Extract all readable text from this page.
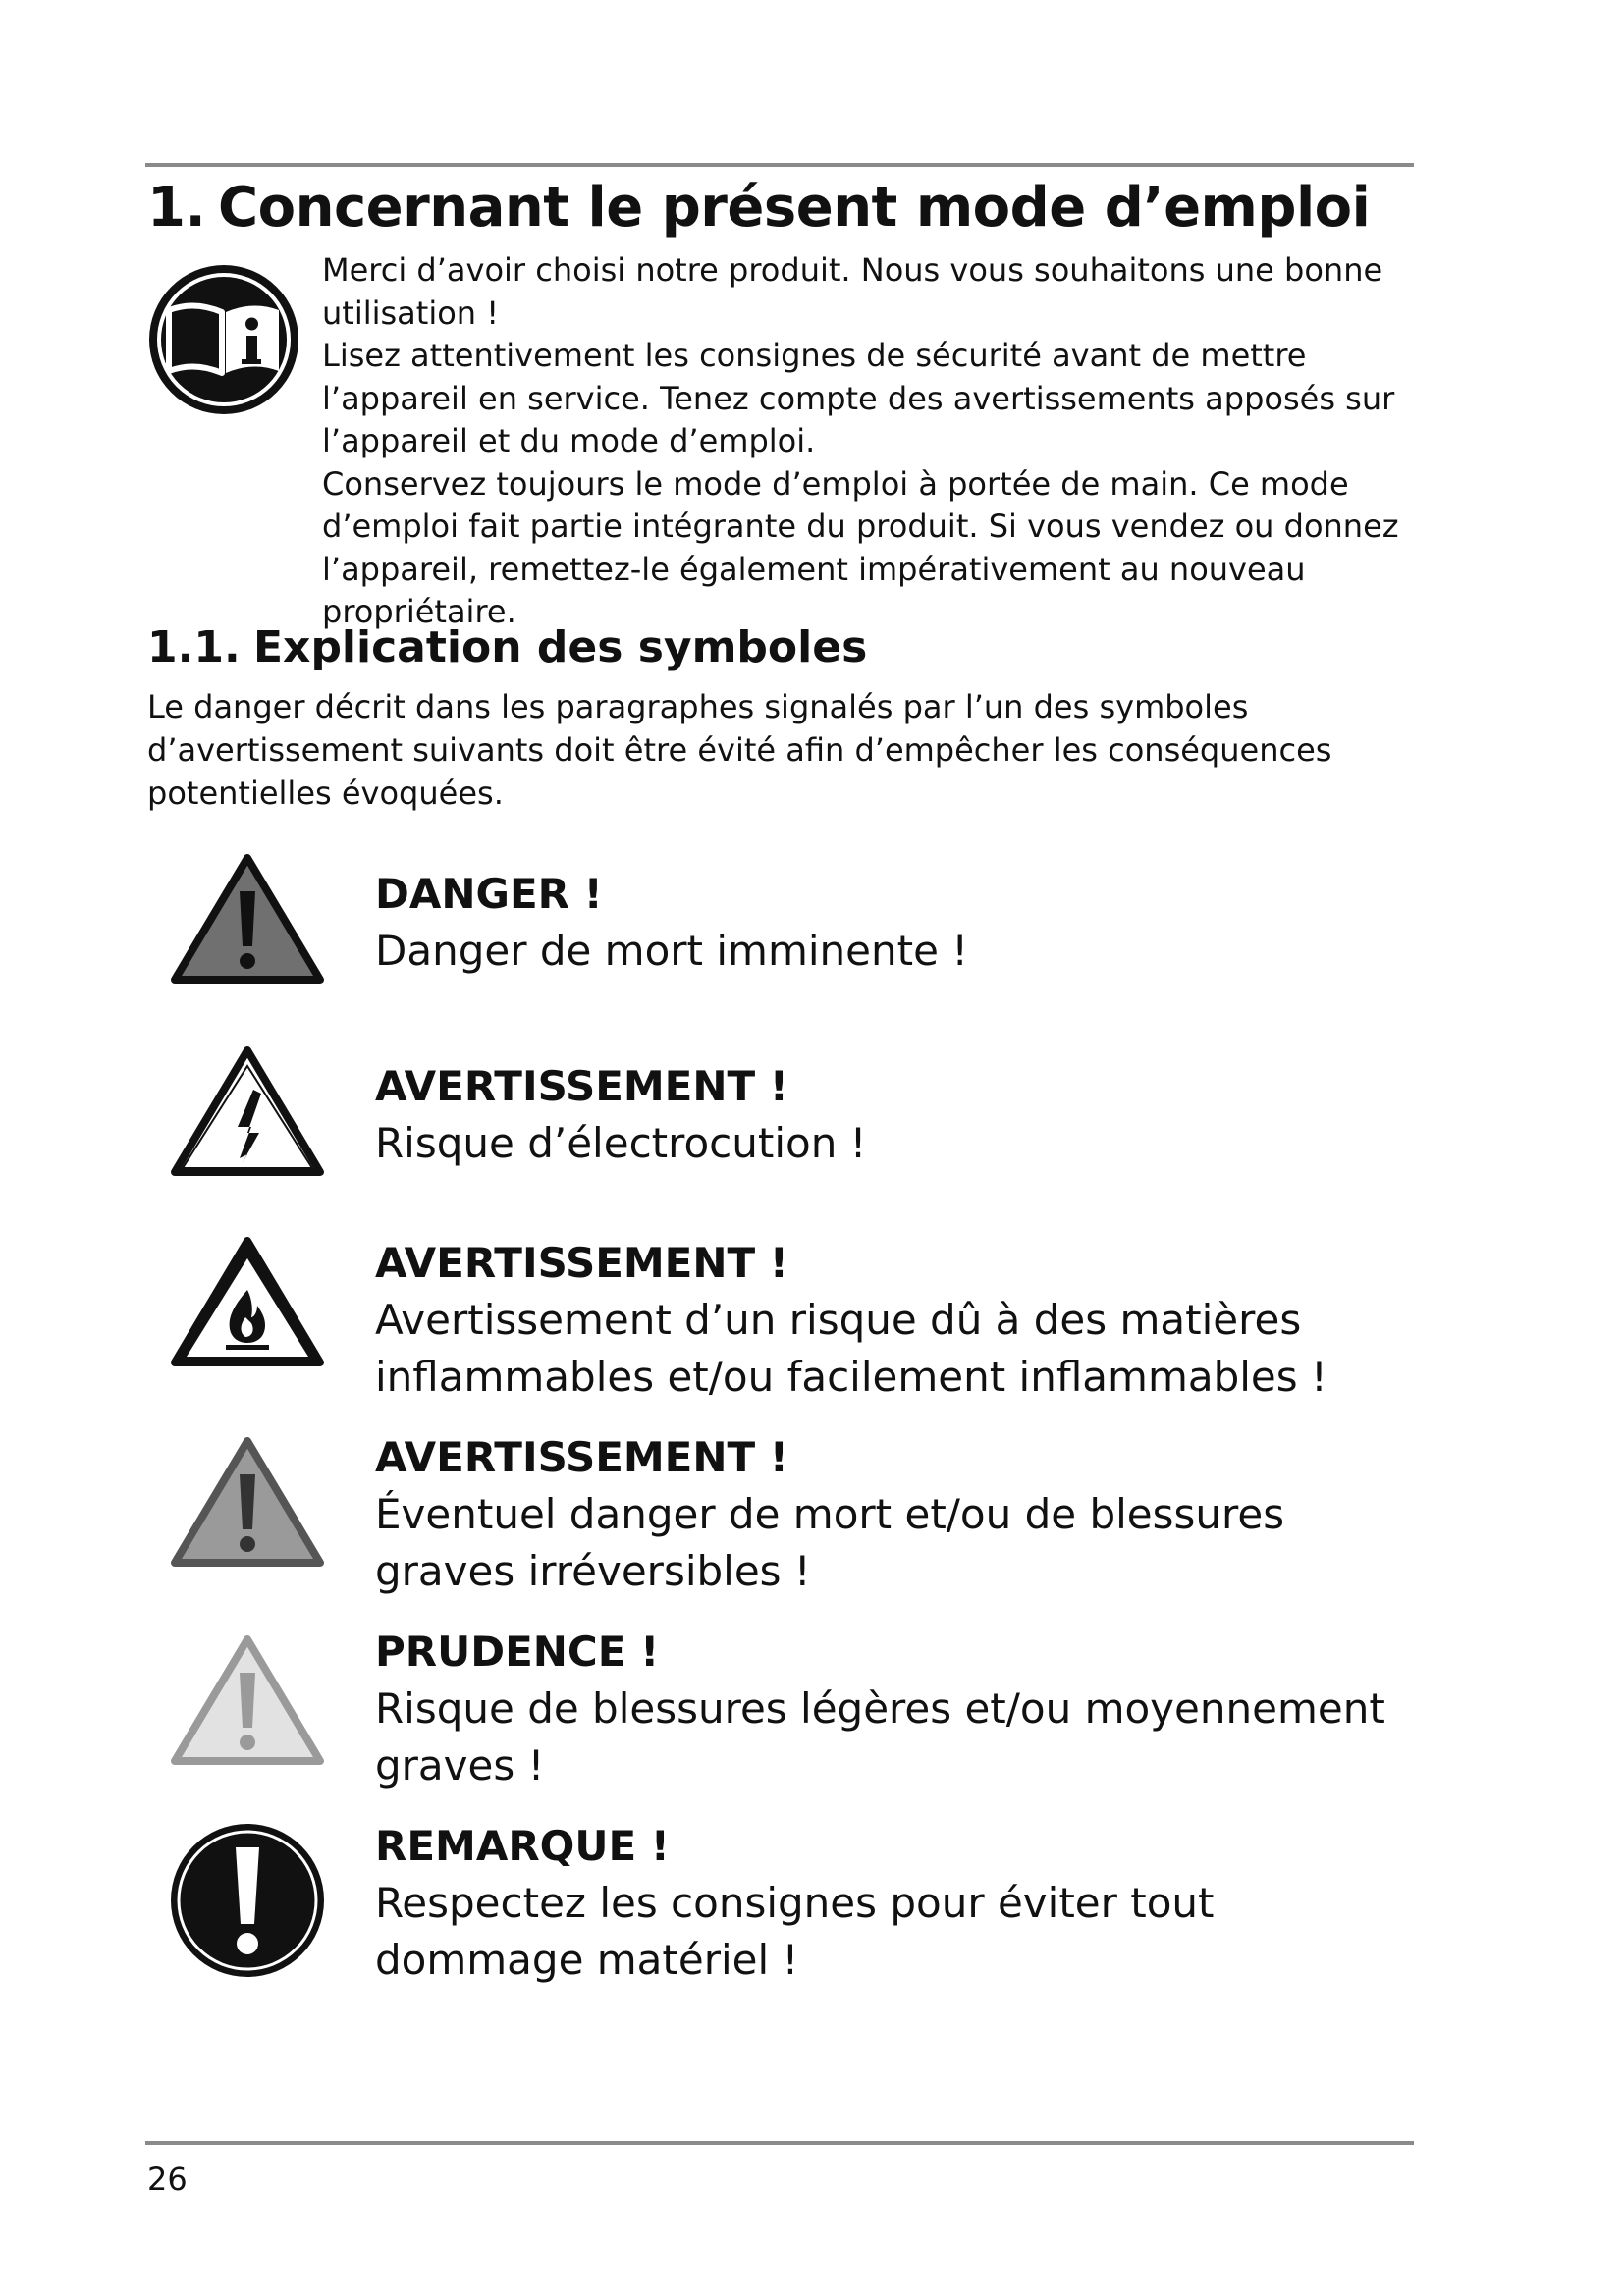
1. Concernant le présent mode d’emploi

Merci d’avoir choisi notre produit. Nous vous souhaitons une bonne utilisation !

Lisez attentivement les consignes de sécurité avant de mettre l’appareil en service. Tenez compte des avertissements apposés sur l’appareil et du mode d’emploi.

Conservez toujours le mode d’emploi à portée de main. Ce mode d’emploi fait partie intégrante du produit. Si vous vendez ou donnez l’appareil, remettez-le également impérativement au nouveau propriétaire.

1.1. Explication des symboles

Le danger décrit dans les paragraphes signalés par l’un des symboles d’avertissement suivants doit être évité afin d’empêcher les conséquences potentielles évoquées.

DANGER !

Danger de mort imminente !

AVERTISSEMENT !

Risque d’électrocution !

AVERTISSEMENT !

Avertissement d’un risque dû à des matières inflammables et/ou facilement inflammables !

AVERTISSEMENT !

Éventuel danger de mort et/ou de blessures graves irréversibles !

PRUDENCE !

Risque de blessures légères et/ou moyennement graves !

REMARQUE !

Respectez les consignes pour éviter tout dommage matériel !

26
